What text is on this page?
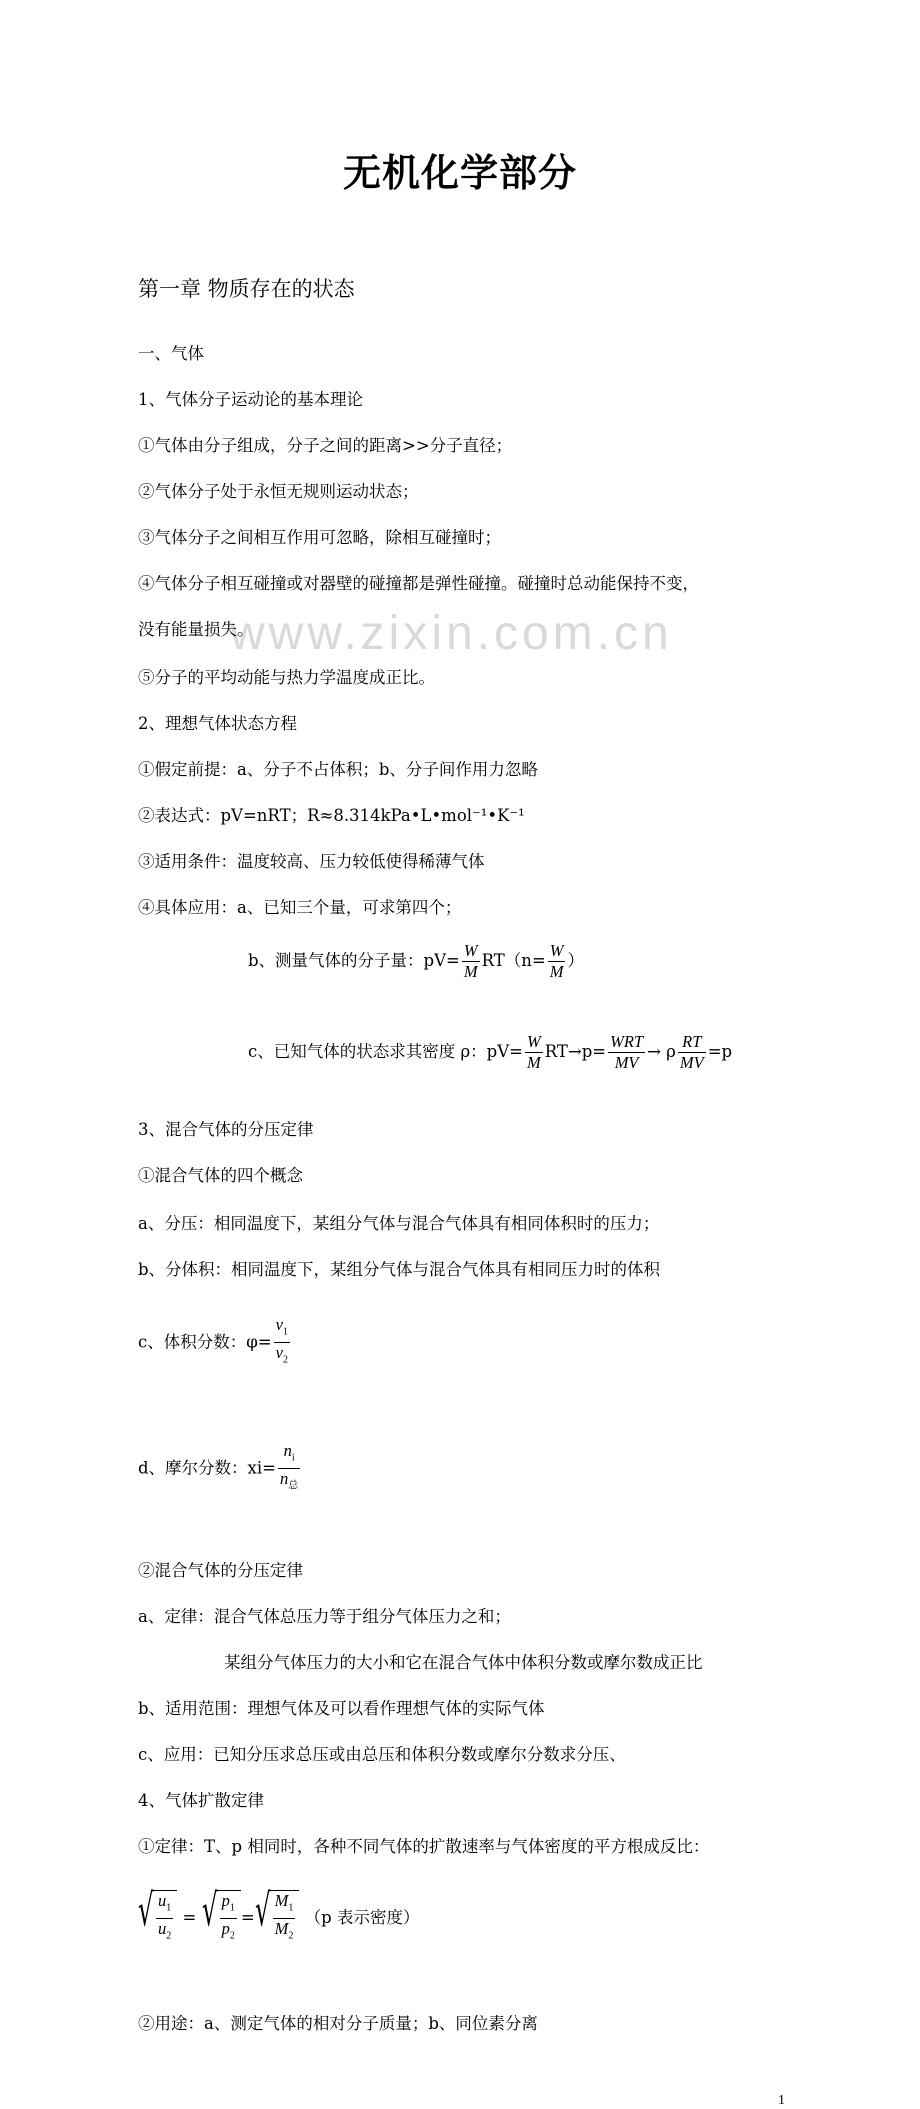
www.zixin.com.cn
无机化学部分
第一章 物质存在的状态
一、气体
1、气体分子运动论的基本理论
①气体由分子组成，分子之间的距离>>分子直径；
②气体分子处于永恒无规则运动状态；
③气体分子之间相互作用可忽略，除相互碰撞时；
④气体分子相互碰撞或对器壁的碰撞都是弹性碰撞。碰撞时总动能保持不变，
没有能量损失。
⑤分子的平均动能与热力学温度成正比。
2、理想气体状态方程
①假定前提：a、分子不占体积；b、分子间作用力忽略
②表达式：pV=nRT；R≈8.314kPa•L•mol⁻¹•K⁻¹
③适用条件：温度较高、压力较低使得稀薄气体
④具体应用：a、已知三个量，可求第四个；
b、测量气体的分子量：$pV= \frac{W}{M} RT(n= \frac{W}{M}$ ）
c、已知气体的状态求其密度 ρ：$pV= \frac{W}{M} RT\to p= \frac{\text{WRT}}{MV} \to \rho \frac{RT}{MV} =p$
3、混合气体的分压定律
①混合气体的四个概念
a、分压：相同温度下，某组分气体与混合气体具有相同体积时的压力；
b、分体积：相同温度下，某组分气体与混合气体具有相同压力时的体积
c、体积分数：$\varphi= \frac{v_1}{v_2}$
d、摩尔分数：$xi= \frac{n_i}{n_总}$
②混合气体的分压定律
a、定律：混合气体总压力等于组分气体压力之和；
某组分气体压力的大小和它在混合气体中体积分数或摩尔数成正比
b、适用范围：理想气体及可以看作理想气体的实际气体
c、应用：已知分压求总压或由总压和体积分数或摩尔分数求分压、
4、气体扩散定律
①定律：T、p 相同时，各种不同气体的扩散速率与气体密度的平方根成反比：
√ $\frac{u_1}{u_2}$ = √ $\frac{p_1}{p_2}$ = √ $\frac{M_1}{M_2} (p$ 表示密度）
②用途：a、测定气体的相对分子质量；b、同位素分离
1
